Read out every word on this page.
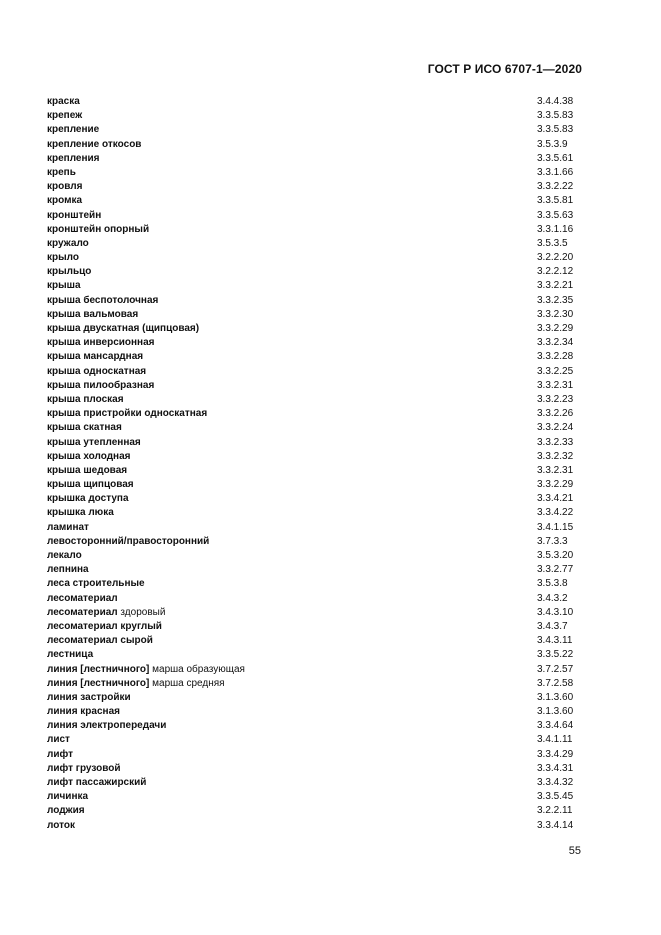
ГОСТ Р ИСО 6707-1—2020
краска	3.4.4.38
крепеж	3.3.5.83
крепление	3.3.5.83
крепление откосов	3.5.3.9
крепления	3.3.5.61
крепь	3.3.1.66
кровля	3.3.2.22
кромка	3.3.5.81
кронштейн	3.3.5.63
кронштейн опорный	3.3.1.16
кружало	3.5.3.5
крыло	3.2.2.20
крыльцо	3.2.2.12
крыша	3.3.2.21
крыша беспотолочная	3.3.2.35
крыша вальмовая	3.3.2.30
крыша двускатная (щипцовая)	3.3.2.29
крыша инверсионная	3.3.2.34
крыша мансардная	3.3.2.28
крыша односкатная	3.3.2.25
крыша пилообразная	3.3.2.31
крыша плоская	3.3.2.23
крыша пристройки односкатная	3.3.2.26
крыша скатная	3.3.2.24
крыша утепленная	3.3.2.33
крыша холодная	3.3.2.32
крыша шедовая	3.3.2.31
крыша щипцовая	3.3.2.29
крышка доступа	3.3.4.21
крышка люка	3.3.4.22
ламинат	3.4.1.15
левосторонний/правосторонний	3.7.3.3
лекало	3.5.3.20
лепнина	3.3.2.77
леса строительные	3.5.3.8
лесоматериал	3.4.3.2
лесоматериал здоровый	3.4.3.10
лесоматериал круглый	3.4.3.7
лесоматериал сырой	3.4.3.11
лестница	3.3.5.22
линия [лестничного] марша образующая	3.7.2.57
линия [лестничного] марша средняя	3.7.2.58
линия застройки	3.1.3.60
линия красная	3.1.3.60
линия электропередачи	3.3.4.64
лист	3.4.1.11
лифт	3.3.4.29
лифт грузовой	3.3.4.31
лифт пассажирский	3.3.4.32
личинка	3.3.5.45
лоджия	3.2.2.11
лоток	3.3.4.14
55
